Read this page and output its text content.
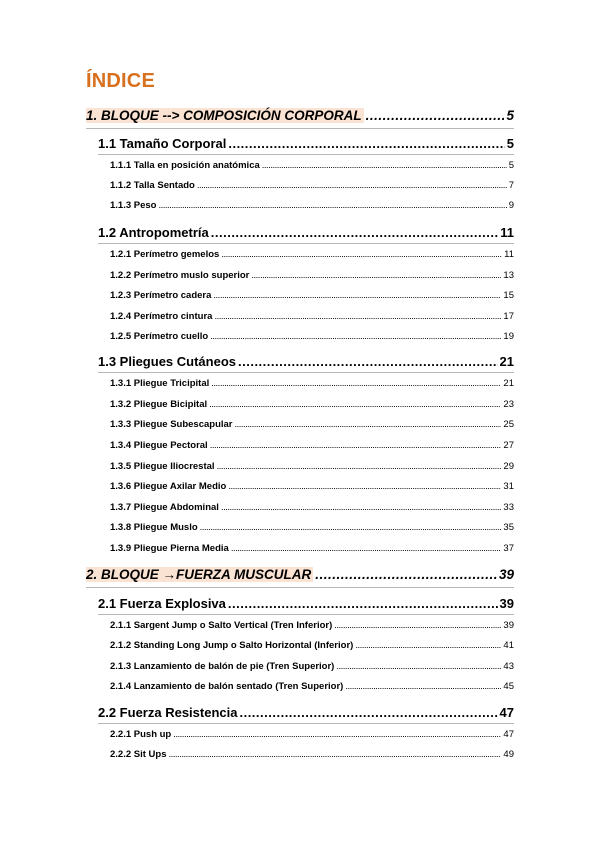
ÍNDICE
1. BLOQUE --> COMPOSICIÓN CORPORAL .....	5
1.1 Tamaño Corporal .....	5
1.1.1 Talla en posición anatómica .....	5
1.1.2 Talla Sentado .....	7
1.1.3 Peso .....	9
1.2 Antropometría .....	11
1.2.1 Perímetro gemelos .....	11
1.2.2 Perímetro muslo superior .....	13
1.2.3 Perímetro cadera .....	15
1.2.4 Perímetro cintura .....	17
1.2.5 Perímetro cuello .....	19
1.3 Pliegues Cutáneos .....	21
1.3.1 Pliegue Tricipital .....	21
1.3.2 Pliegue Bicipital .....	23
1.3.3 Pliegue Subescapular .....	25
1.3.4 Pliegue Pectoral .....	27
1.3.5 Pliegue Iliocrestal .....	29
1.3.6 Pliegue Axilar Medio .....	31
1.3.7 Pliegue Abdominal .....	33
1.3.8 Pliegue Muslo .....	35
1.3.9 Pliegue Pierna Media .....	37
2. BLOQUE →FUERZA MUSCULAR .....	39
2.1 Fuerza Explosiva .....	39
2.1.1 Sargent Jump o Salto Vertical (Tren Inferior) .....	39
2.1.2 Standing Long Jump o Salto Horizontal (Inferior) .....	41
2.1.3 Lanzamiento de balón de pie (Tren Superior) .....	43
2.1.4 Lanzamiento de balón sentado (Tren Superior) .....	45
2.2 Fuerza Resistencia .....	47
2.2.1 Push up .....	47
2.2.2 Sit Ups .....	49
